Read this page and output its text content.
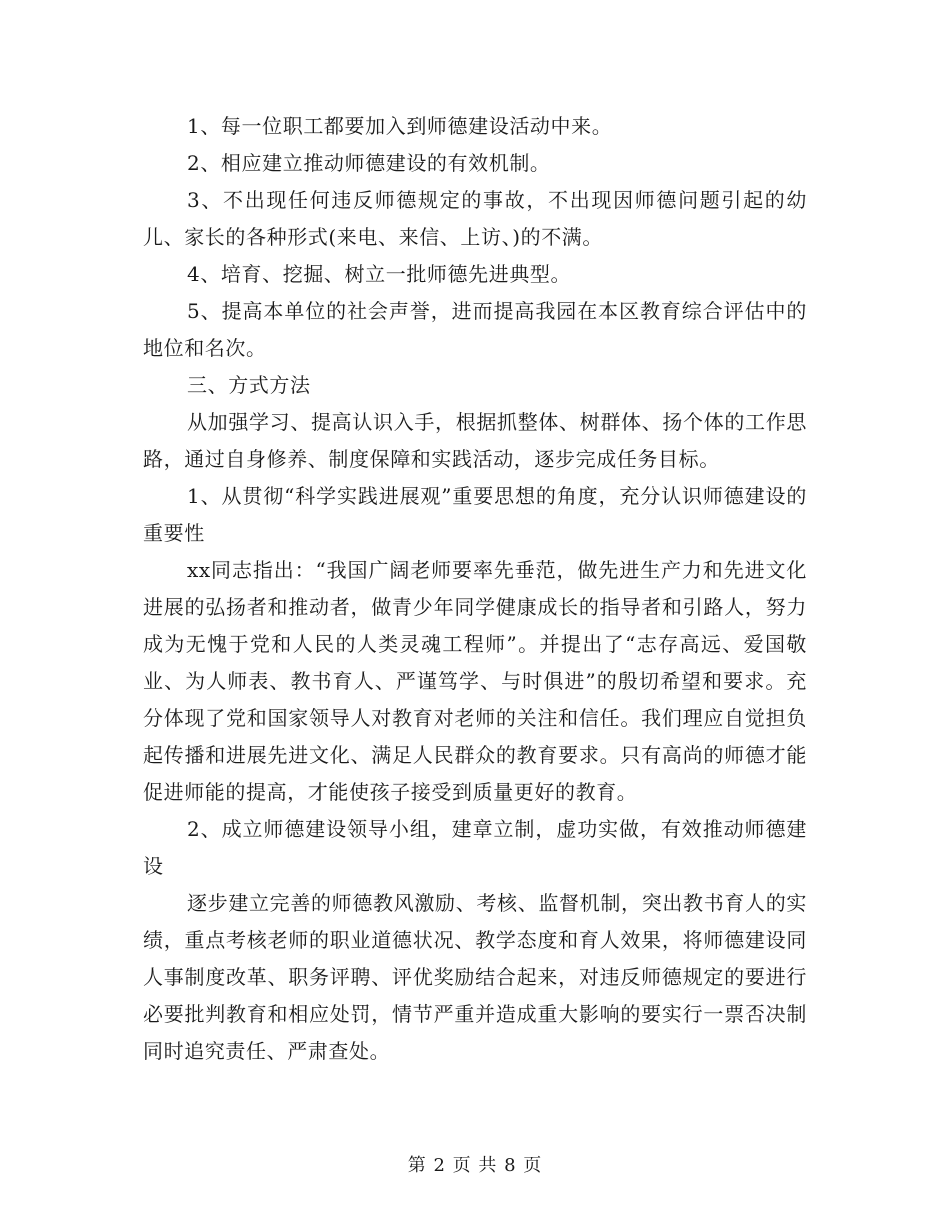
1、每一位职工都要加入到师德建设活动中来。

2、相应建立推动师德建设的有效机制。

3、不出现任何违反师德规定的事故，不出现因师德问题引起的幼儿、家长的各种形式(来电、来信、上访、)的不满。

4、培育、挖掘、树立一批师德先进典型。

5、提高本单位的社会声誉，进而提高我园在本区教育综合评估中的地位和名次。

三、方式方法

从加强学习、提高认识入手，根据抓整体、树群体、扬个体的工作思路，通过自身修养、制度保障和实践活动，逐步完成任务目标。

1、从贯彻“科学实践进展观”重要思想的角度，充分认识师德建设的重要性

xx同志指出：“我国广阔老师要率先垂范，做先进生产力和先进文化进展的弘扬者和推动者，做青少年同学健康成长的指导者和引路人，努力成为无愧于党和人民的人类灵魂工程师”。并提出了“志存高远、爱国敬业、为人师表、教书育人、严谨笃学、与时俱进”的殷切希望和要求。充分体现了党和国家领导人对教育对老师的关注和信任。我们理应自觉担负起传播和进展先进文化、满足人民群众的教育要求。只有高尚的师德才能促进师能的提高，才能使孩子接受到质量更好的教育。

2、成立师德建设领导小组，建章立制，虚功实做，有效推动师德建设

逐步建立完善的师德教风激励、考核、监督机制，突出教书育人的实绩，重点考核老师的职业道德状况、教学态度和育人效果，将师德建设同人事制度改革、职务评聘、评优奖励结合起来，对违反师德规定的要进行必要批判教育和相应处罚，情节严重并造成重大影响的要实行一票否决制同时追究责任、严肃查处。

第 2 页 共 8 页
